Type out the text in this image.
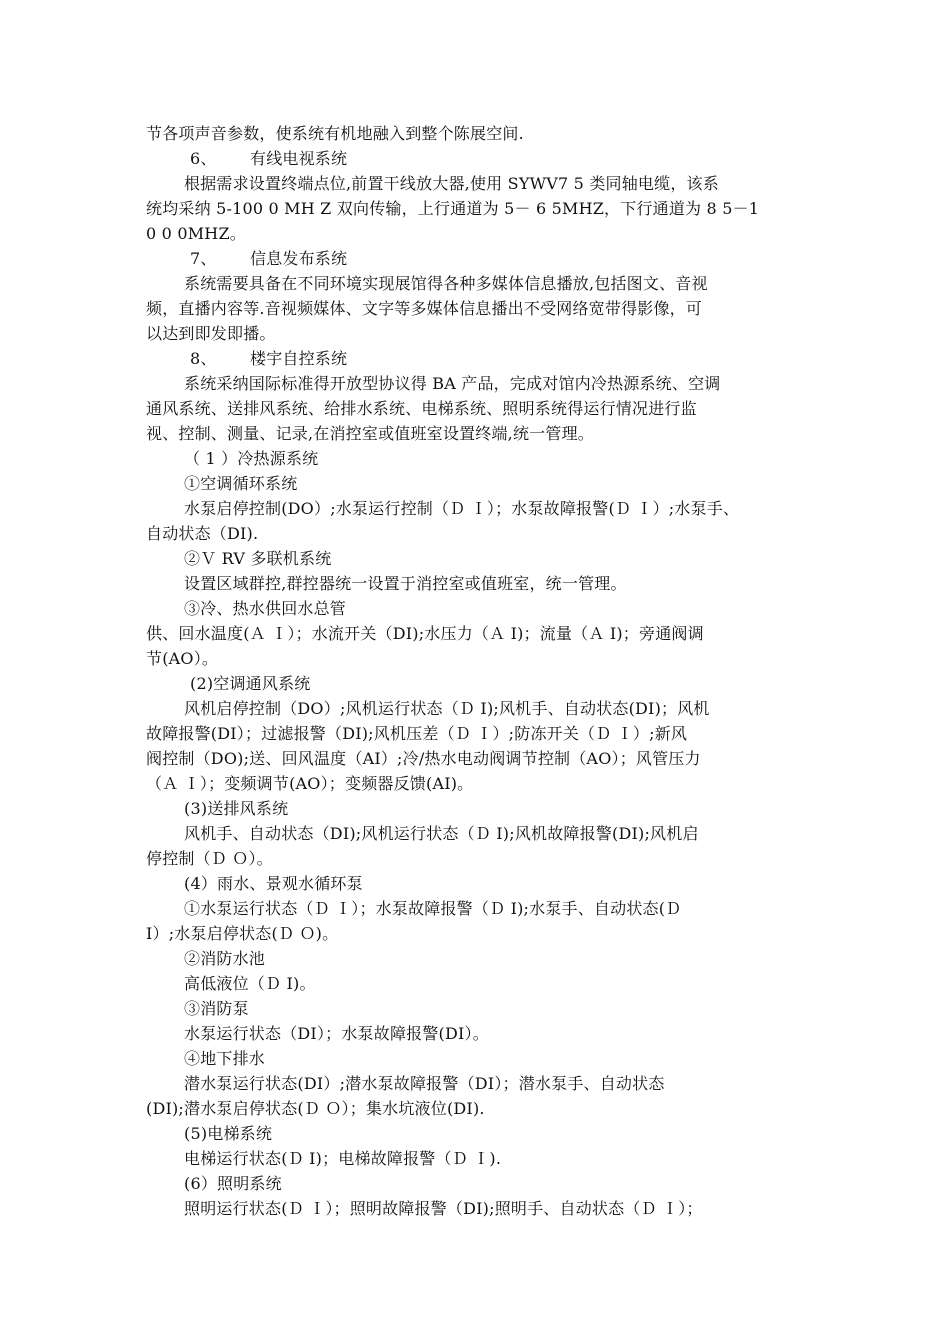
节各项声音参数，使系统有机地融入到整个陈展空间.
6、 有线电视系统
根据需求设置终端点位,前置干线放大器,使用 SYWV7 5 类同轴电缆，该系
统均采纳 5-100 0 MH Z 双向传输，上行通道为 5－ 6 5MHZ，下行通道为 8 5－1
0 0 0MHZ。
7、 信息发布系统
系统需要具备在不同环境实现展馆得各种多媒体信息播放,包括图文、音视
频，直播内容等.音视频媒体、文字等多媒体信息播出不受网络宽带得影像，可
以达到即发即播。
8、 楼宇自控系统
系统采纳国际标准得开放型协议得 BA 产品，完成对馆内冷热源系统、空调
通风系统、送排风系统、给排水系统、电梯系统、照明系统得运行情况进行监
视、控制、测量、记录,在消控室或值班室设置终端,统一管理。
（ 1 ）冷热源系统
①空调循环系统
水泵启停控制(DO）;水泵运行控制（Ｄ Ｉ）；水泵故障报警(Ｄ Ｉ）;水泵手、
自动状态（DI).
②Ｖ RV 多联机系统
设置区域群控,群控器统一设置于消控室或值班室，统一管理。
③冷、热水供回水总管
供、回水温度(Ａ Ｉ）；水流开关（DI);水压力（Ａ I)；流量（Ａ I)；旁通阀调
节(AO）。
(2)空调通风系统
风机启停控制（DO）;风机运行状态（Ｄ I);风机手、自动状态(DI)；风机
故障报警(DI）；过滤报警（DI);风机压差（Ｄ Ｉ）;防冻开关（Ｄ Ｉ）;新风
阀控制（DO);送、回风温度（AI）;冷/热水电动阀调节控制（AO）；风管压力
（Ａ Ｉ）；变频调节(AO）；变频器反馈(AI)。
(3)送排风系统
风机手、自动状态（DI);风机运行状态（Ｄ I);风机故障报警(DI);风机启
停控制（Ｄ Ｏ）。
(4）雨水、景观水循环泵
①水泵运行状态（Ｄ Ｉ）；水泵故障报警（Ｄ I);水泵手、自动状态(Ｄ
I）;水泵启停状态(Ｄ Ｏ)。
②消防水池
高低液位（Ｄ I)。
③消防泵
水泵运行状态（DI）；水泵故障报警(DI）。
④地下排水
潜水泵运行状态(DI）;潜水泵故障报警（DI）；潜水泵手、自动状态
(DI);潜水泵启停状态(Ｄ Ｏ）；集水坑液位(DI).
(5)电梯系统
电梯运行状态(Ｄ I)；电梯故障报警（Ｄ Ｉ).
(6）照明系统
照明运行状态(Ｄ Ｉ）；照明故障报警（DI);照明手、自动状态（Ｄ Ｉ）；
